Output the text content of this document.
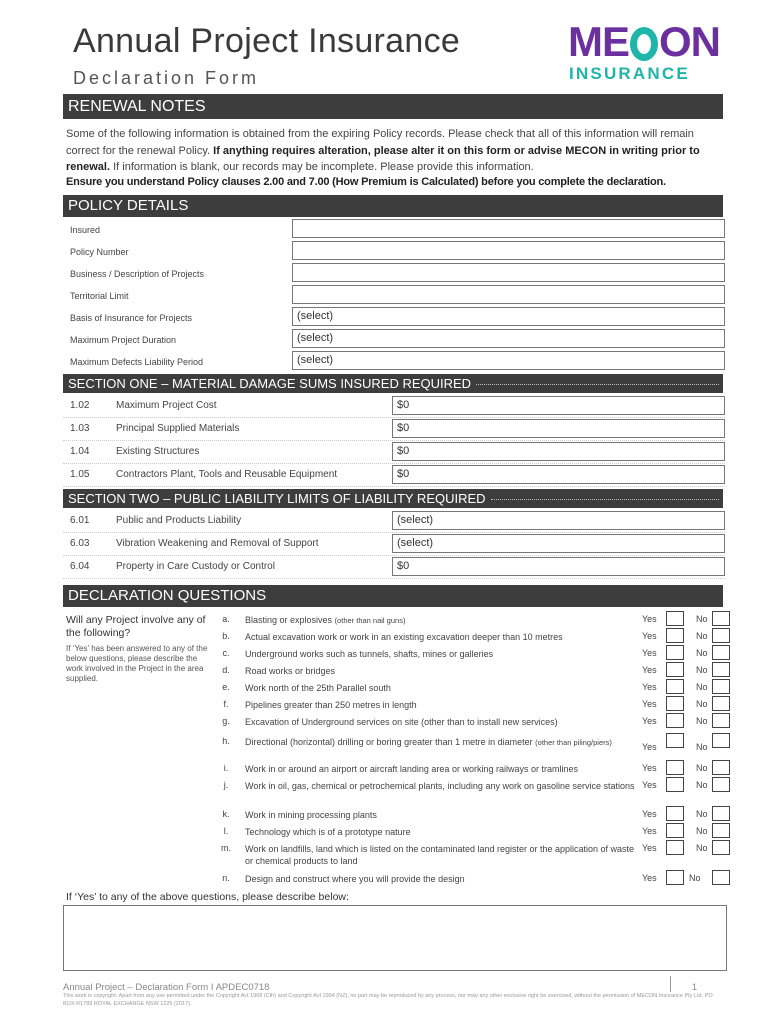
Annual Project Insurance
Declaration Form
ME ON
INSURANCE
RENEWAL NOTES
Some of the following information is obtained from the expiring Policy records. Please check that all of this information will remain correct for the renewal Policy. If anything requires alteration, please alter it on this form or advise MECON in writing prior to renewal. If information is blank, our records may be incomplete. Please provide this information.
Ensure you understand Policy clauses 2.00 and 7.00 (How Premium is Calculated) before you complete the declaration.
POLICY DETAILS
Insured
Policy Number
Business / Description of Projects
Territorial Limit
Basis of Insurance for Projects	(select)
Maximum Project Duration	(select)
Maximum Defects Liability Period	(select)
SECTION ONE – MATERIAL DAMAGE SUMS INSURED REQUIRED
1.02	Maximum Project Cost	$0
1.03	Principal Supplied Materials	$0
1.04	Existing Structures	$0
1.05	Contractors Plant, Tools and Reusable Equipment	$0
SECTION TWO – PUBLIC LIABILITY LIMITS OF LIABILITY REQUIRED
6.01	Public and Products Liability	(select)
6.03	Vibration Weakening and Removal of Support	(select)
6.04	Property in Care Custody or Control	$0
DECLARATION QUESTIONS
Will any Project involve any of the following?
If ‘Yes’ has been answered to any of the below questions, please describe the work involved in the Project in the area supplied.
a.	Blasting or explosives (other than nail guns)	Yes	No
b.	Actual excavation work or work in an existing excavation deeper than 10 metres	Yes	No
c.	Underground works such as tunnels, shafts, mines or galleries	Yes	No
d.	Road works or bridges	Yes	No
e.	Work north of the 25th Parallel south	Yes	No
f.	Pipelines greater than 250 metres in length	Yes	No
g.	Excavation of Underground services on site (other than to install new services)	Yes	No
h.	Directional (horizontal) drilling or boring greater than 1 metre in diameter (other than piling/piers)	Yes	No
i.	Work in or around an airport or aircraft landing area or working railways or tramlines	Yes	No
j.	Work in oil, gas, chemical or petrochemical plants, including any work on gasoline service stations Yes	No
k.	Work in mining processing plants	Yes	No
l.	Technology which is of a prototype nature	Yes	No
m.	Work on landfills, land which is listed on the contaminated land register or the application of waste or chemical products to land
Yes	No
n.	Design and construct where you will provide the design	Yes	No
If ‘Yes’ to any of the above questions, please describe below:
Annual Project – Declaration Form I APDEC0718	1
This work is copyright. Apart from any use permitted under the Copyright Act 1968 (Cth) and Copyright Act 1994 (NZ), no part may be reproduced by any process, nor may any other exclusive right be exercised, without the permission of MECON Insurance Pty Ltd, PO BOX R1789 ROYAL EXCHANGE NSW 1225 (2017).
